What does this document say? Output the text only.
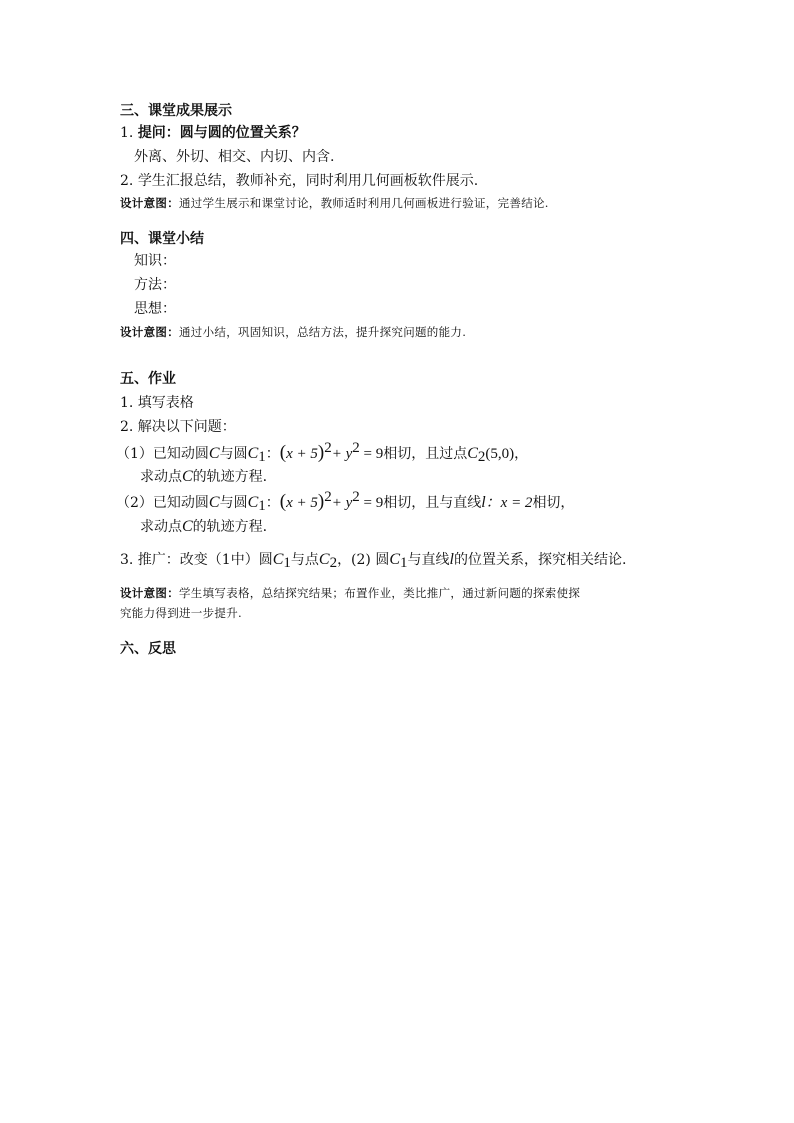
三、课堂成果展示
1. 提问：圆与圆的位置关系？
外离、外切、相交、内切、内含.
2. 学生汇报总结，教师补充，同时利用几何画板软件展示.
设计意图：通过学生展示和课堂讨论，教师适时利用几何画板进行验证，完善结论.
四、课堂小结
知识：
方法：
思想：
设计意图：通过小结，巩固知识，总结方法，提升探究问题的能力.
五、作业
1. 填写表格
2. 解决以下问题：
（1）已知动圆C与圆$C_1$：$(x + 5)^2+ y^2 = 9$相切，且过点$C_2(5,0)$，
求动点C的轨迹方程.
（2）已知动圆C与圆$C_1$：$(x + 5)^2+ y^2 = 9$相切，且与直线l：x = 2相切，
求动点C的轨迹方程.
3. 推广：改变（1中）圆$C_1$与点$C_2$，(2) 圆$C_1$与直线l的位置关系，探究相关结论.
设计意图：学生填写表格，总结探究结果；布置作业，类比推广，通过新问题的探索使探
究能力得到进一步提升.
六、反思
